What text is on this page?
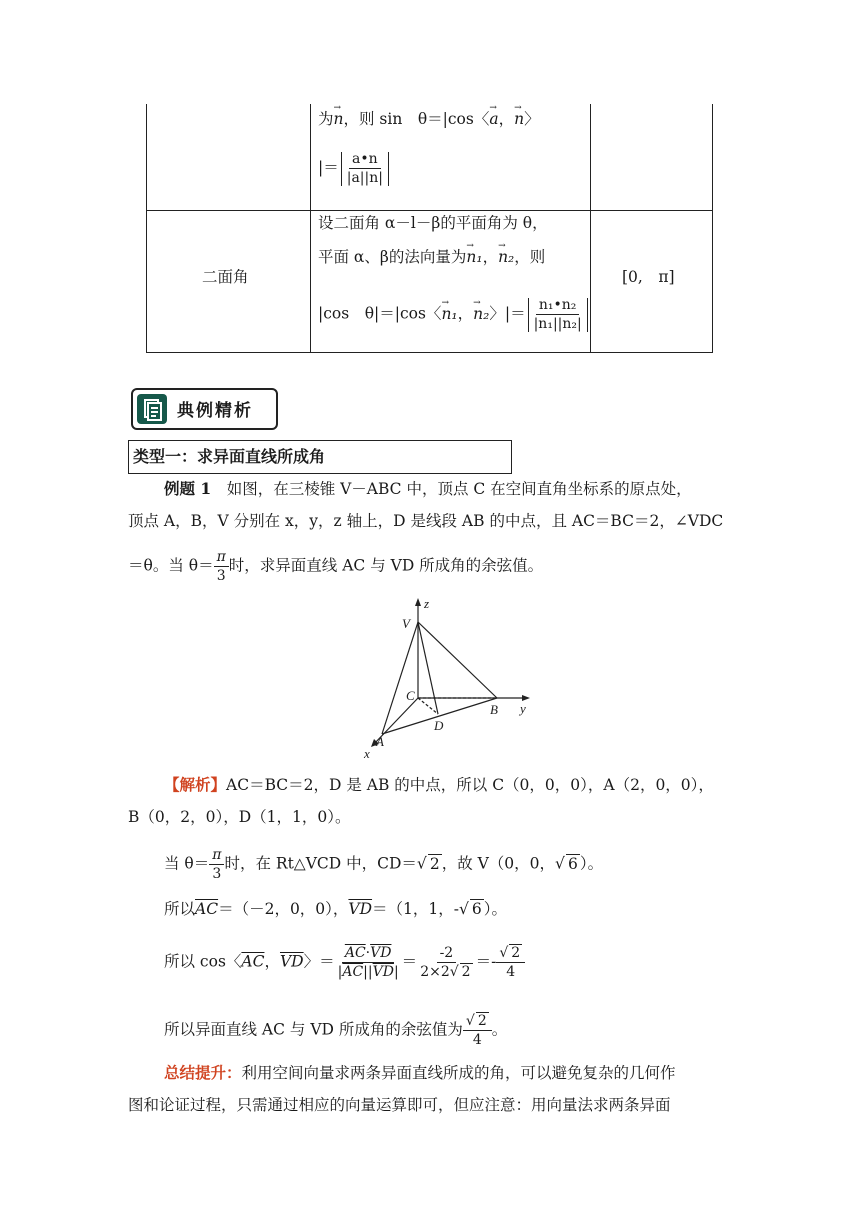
为→ n，则 sin　θ＝|cos〈→ a，→ n〉
|＝ $\frac{a•n}{|a||n|}$
二面角
设二面角 α－l－β的平面角为 θ，
平面 α、β的法向量为→ n₁，→ n₂，则
|cos　θ|＝|cos〈→ n₁，→ n₂〉|＝ $\frac{\text{n₁•n₂}}{\text{|n₁||n₂|}}$
[0,　π]
典例精析
类型一：求异面直线所成角
例题 1　如图，在三棱锥 V－ABC 中，顶点 C 在空间直角坐标系的原点处，
顶点 A，B，V 分别在 x，y，z 轴上，D 是线段 AB 的中点，且 AC＝BC＝2，∠VDC
＝θ。当 $\theta= \frac{\pi}{3}$ 时，求异面直线 AC 与 VD 所成角的余弦值。
z
y
x
V
C
B
D
A
【解析】AC＝BC＝2，D 是 AB 的中点，所以 C（0，0，0），A（2，0，0），
B（0，2，0），D（1，1，0）。
当 $\theta= \frac{\pi}{3}$ 时，在 Rt△VCD 中，CD＝√ 2 ，故 V（0，0，√ 6 ）。
所以$\overline{AC}=(-2$，0，0），$\overline{VD}=(1$，1，-√ 6 ）。
所以 cos〈$\overline{AC}$，$\overline{VD}$〉＝ $\frac{\overline{AC}\cdot\overline{VD}}{|\overline{AC}||\overline{VD}|} = \frac{-2}{2\times 2√ 2} =- \frac{√ 2}{4}$
所以异面直线 AC 与 VD 所成角的余弦值为 $\frac{√ 2}{4}$ 。
总结提升：利用空间向量求两条异面直线所成的角，可以避免复杂的几何作
图和论证过程，只需通过相应的向量运算即可，但应注意：用向量法求两条异面
